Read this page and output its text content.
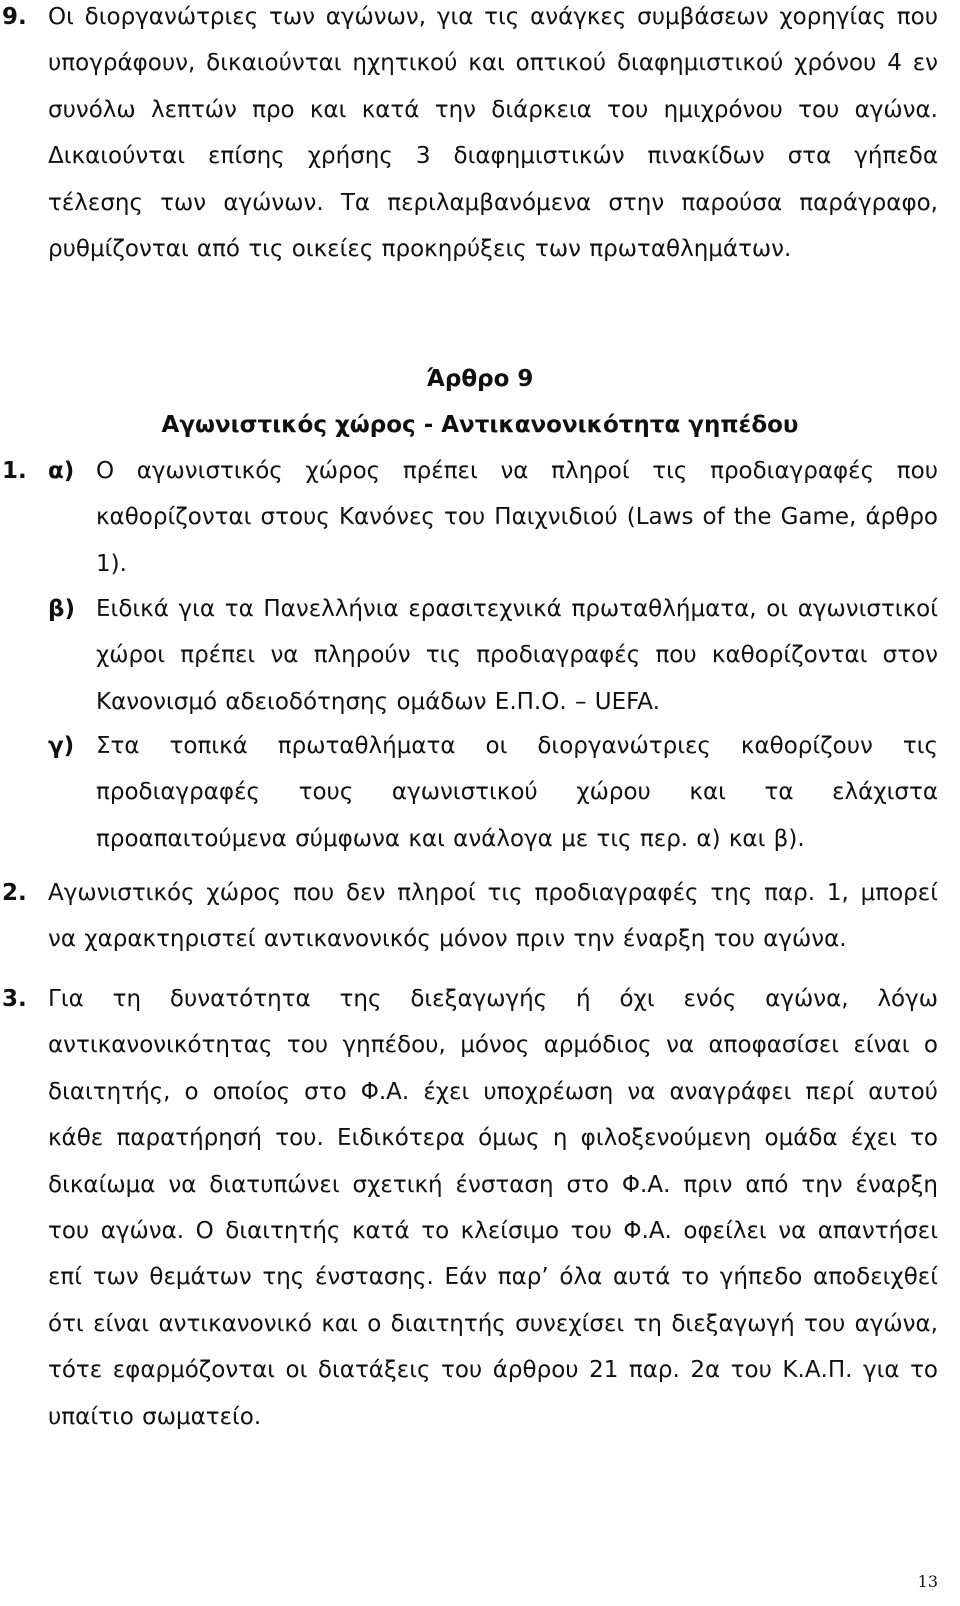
9. Οι διοργανώτριες των αγώνων, για τις ανάγκες συμβάσεων χορηγίας που υπογράφουν, δικαιούνται ηχητικού και οπτικού διαφημιστικού χρόνου 4 εν συνόλω λεπτών προ και κατά την διάρκεια του ημιχρόνου του αγώνα. Δικαιούνται επίσης χρήσης 3 διαφημιστικών πινακίδων στα γήπεδα τέλεσης των αγώνων. Τα περιλαμβανόμενα στην παρούσα παράγραφο, ρυθμίζονται από τις οικείες προκηρύξεις των πρωταθλημάτων.
Άρθρο 9
Αγωνιστικός χώρος - Αντικανονικότητα γηπέδου
1. α) Ο αγωνιστικός χώρος πρέπει να πληροί τις προδιαγραφές που καθορίζονται στους Κανόνες του Παιχνιδιού (Laws of the Game, άρθρο 1).
β) Ειδικά για τα Πανελλήνια ερασιτεχνικά πρωταθλήματα, οι αγωνιστικοί χώροι πρέπει να πληρούν τις προδιαγραφές που καθορίζονται στον Κανονισμό αδειοδότησης ομάδων Ε.Π.Ο. – UEFA.
γ) Στα τοπικά πρωταθλήματα οι διοργανώτριες καθορίζουν τις προδιαγραφές τους αγωνιστικού χώρου και τα ελάχιστα προαπαιτούμενα σύμφωνα και ανάλογα με τις περ. α) και β).
2. Αγωνιστικός χώρος που δεν πληροί τις προδιαγραφές της παρ. 1, μπορεί να χαρακτηριστεί αντικανονικός μόνον πριν την έναρξη του αγώνα.
3. Για τη δυνατότητα της διεξαγωγής ή όχι ενός αγώνα, λόγω αντικανονικότητας του γηπέδου, μόνος αρμόδιος να αποφασίσει είναι ο διαιτητής, ο οποίος στο Φ.Α. έχει υποχρέωση να αναγράφει περί αυτού κάθε παρατήρησή του. Ειδικότερα όμως η φιλοξενούμενη ομάδα έχει το δικαίωμα να διατυπώνει σχετική ένσταση στο Φ.Α. πριν από την έναρξη του αγώνα. Ο διαιτητής κατά το κλείσιμο του Φ.Α. οφείλει να απαντήσει επί των θεμάτων της ένστασης. Εάν παρ’ όλα αυτά το γήπεδο αποδειχθεί ότι είναι αντικανονικό και ο διαιτητής συνεχίσει τη διεξαγωγή του αγώνα, τότε εφαρμόζονται οι διατάξεις του άρθρου 21 παρ. 2α του Κ.Α.Π. για το υπαίτιο σωματείο.
13
